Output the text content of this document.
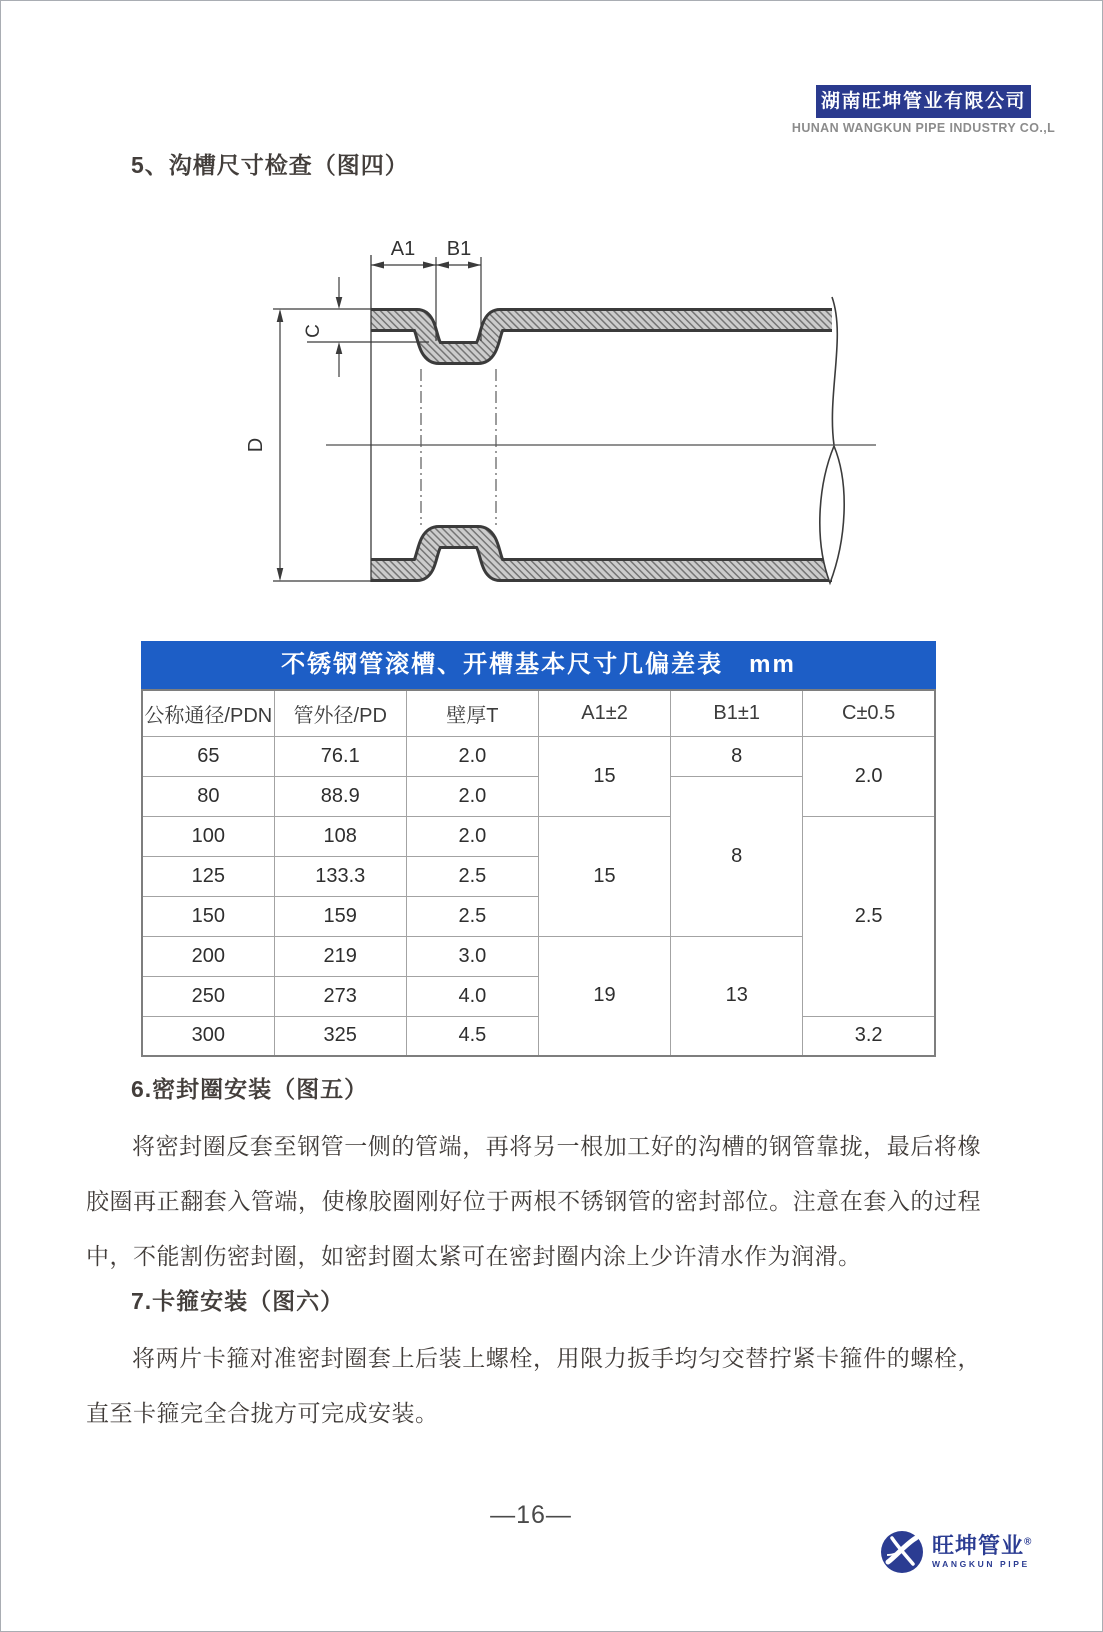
湖南旺坤管业有限公司
HUNAN WANGKUN PIPE INDUSTRY CO.,L
5、沟槽尺寸检查（图四）
A1 B1
C
D
不锈钢管滚槽、开槽基本尺寸几偏差表　mm
公称通径/PDN	管外径/PD	壁厚T	A1±2	B1±1	C±0.5
65	76.1	2.0	15	8	2.0
80	88.9	2.0		8	
100	108	2.0	15		2.5
125	133.3	2.5			
150	159	2.5			
200	219	3.0	19	13	
250	273	4.0			
300	325	4.5			3.2
6.密封圈安装（图五）
将密封圈反套至钢管一侧的管端，再将另一根加工好的沟槽的钢管靠拢，最后将橡胶圈再正翻套入管端，使橡胶圈刚好位于两根不锈钢管的密封部位。注意在套入的过程中，不能割伤密封圈，如密封圈太紧可在密封圈内涂上少许清水作为润滑。
7.卡箍安装（图六）
将两片卡箍对准密封圈套上后装上螺栓，用限力扳手均匀交替拧紧卡箍件的螺栓，直至卡箍完全合拢方可完成安装。
—16—
旺坤管业®
WANGKUN PIPE
